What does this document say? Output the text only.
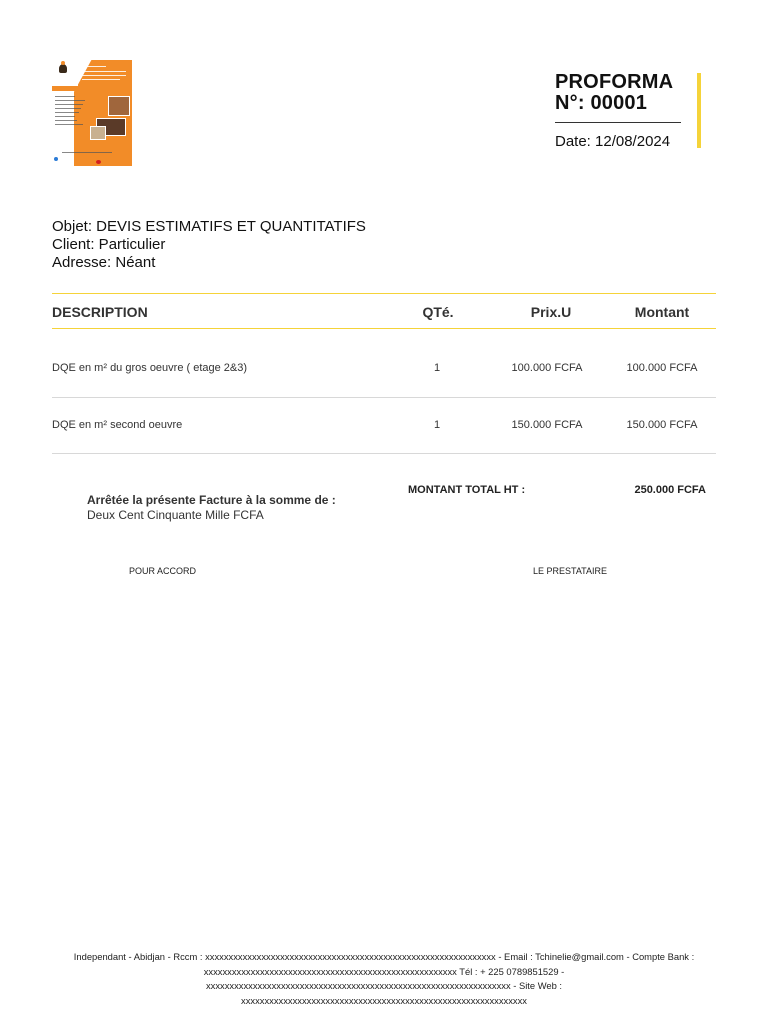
PROFORMA
N°: 00001
Date: 12/08/2024
Objet: DEVIS ESTIMATIFS ET QUANTITATIFS
Client: Particulier
Adresse: Néant
DESCRIPTION	QTé.	Prix.U	Montant
DQE en m² du gros oeuvre ( etage 2&3)	1	100.000 FCFA	100.000 FCFA
DQE en m² second oeuvre	1	150.000 FCFA	150.000 FCFA
Arrêtée la présente Facture à la somme de :
Deux Cent Cinquante Mille FCFA
MONTANT TOTAL HT :	250.000 FCFA
POUR ACCORD	LE PRESTATAIRE
Independant - Abidjan - Rccm : xxxxxxxxxxxxxxxxxxxxxxxxxxxxxxxxxxxxxxxxxxxxxxxxxxxxxxxxxxxxxx - Email : Tchinelie@gmail.com - Compte Bank :
xxxxxxxxxxxxxxxxxxxxxxxxxxxxxxxxxxxxxxxxxxxxxxxxxxxxxx Tél : + 225 0789851529 -
xxxxxxxxxxxxxxxxxxxxxxxxxxxxxxxxxxxxxxxxxxxxxxxxxxxxxxxxxxxxxxxxx - Site Web :
xxxxxxxxxxxxxxxxxxxxxxxxxxxxxxxxxxxxxxxxxxxxxxxxxxxxxxxxxxxxx
